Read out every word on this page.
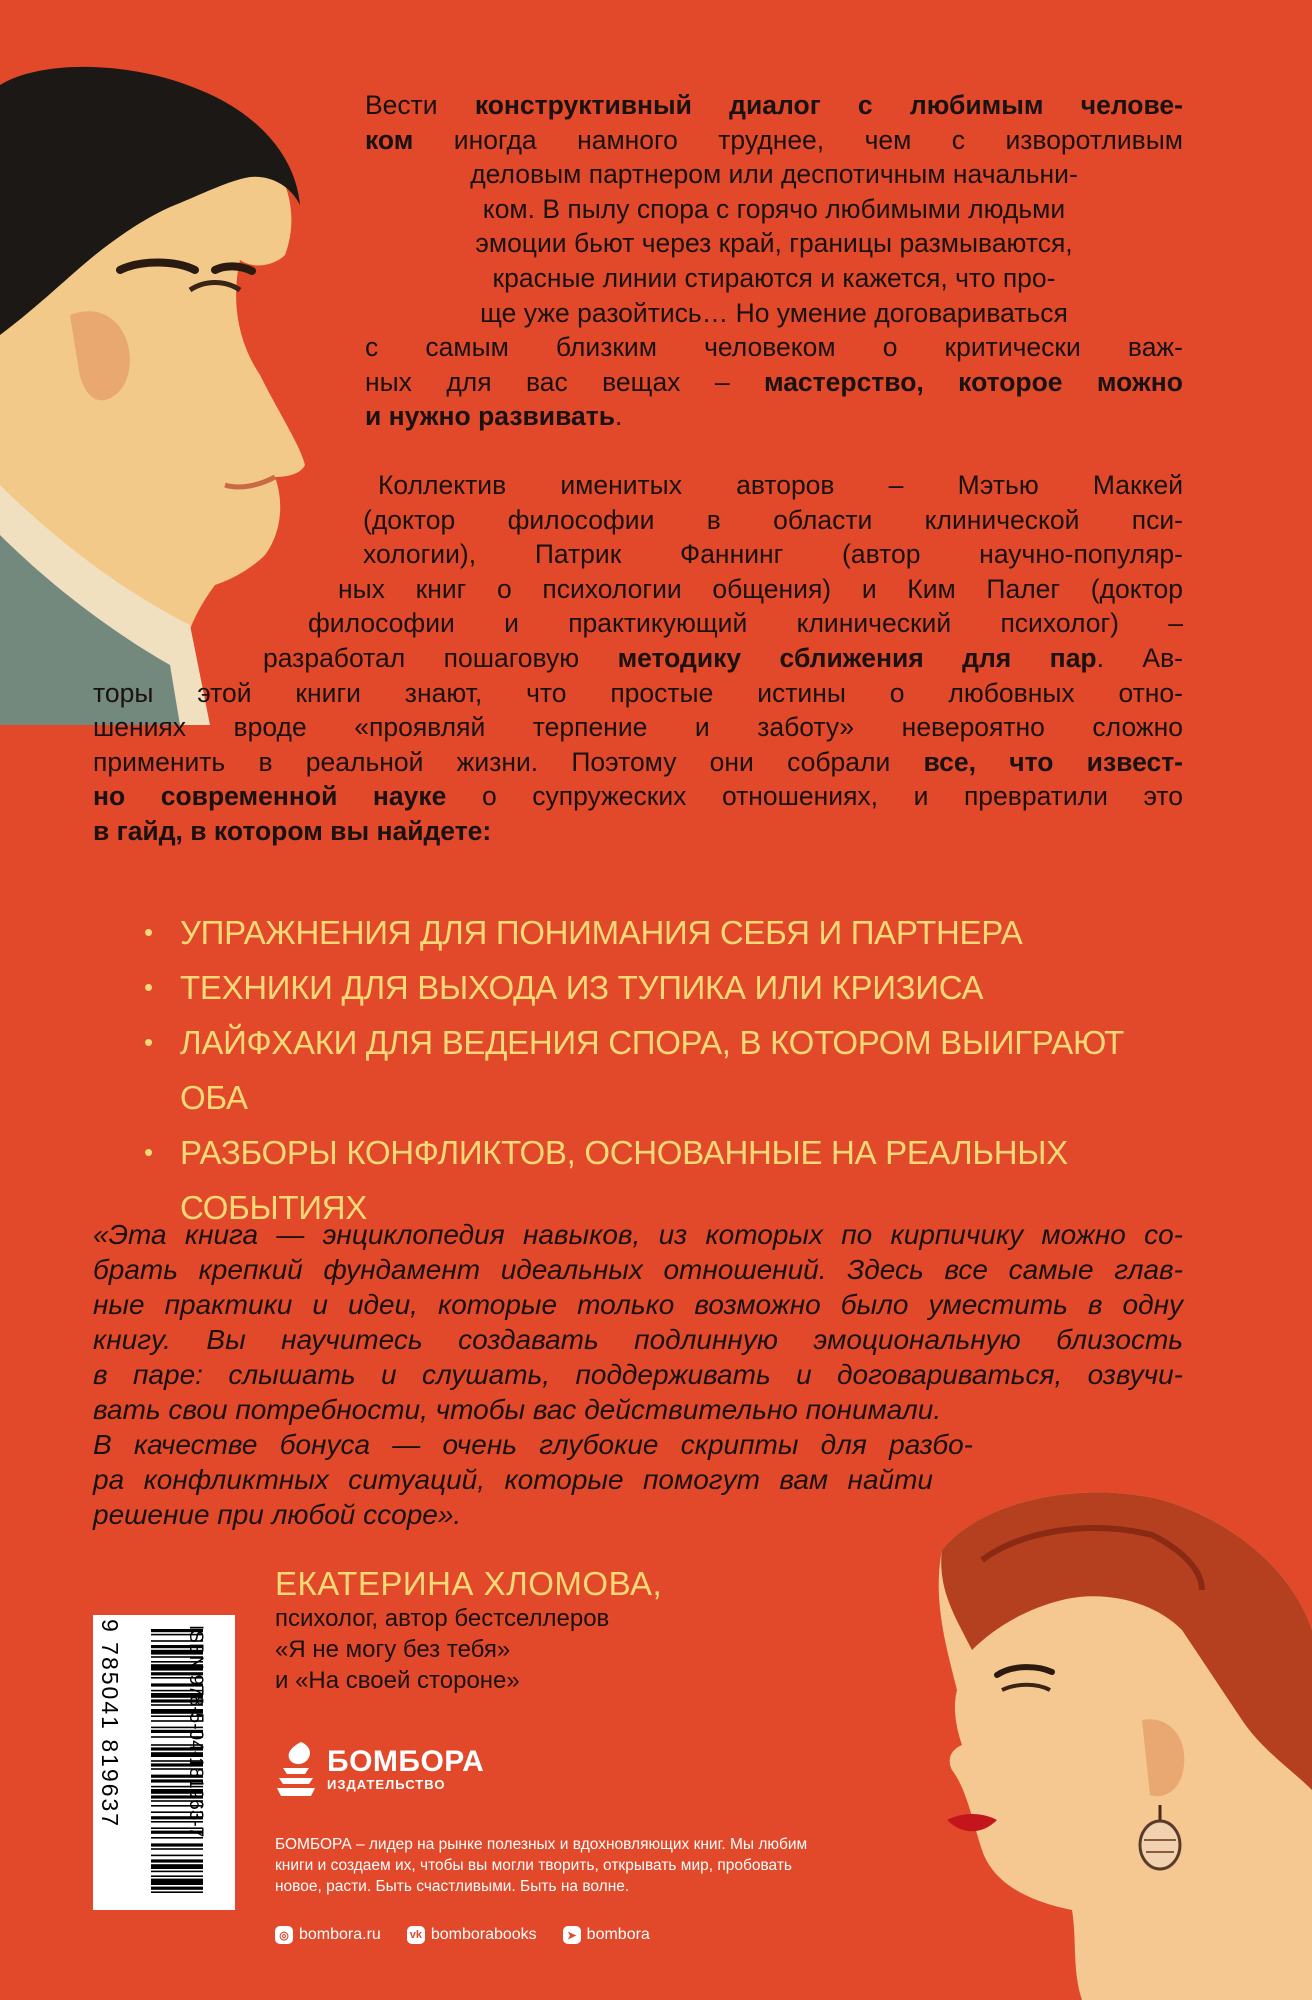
Вести конструктивный диалог с любимым челове-
ком иногда намного труднее, чем с изворотливым
деловым партнером или деспотичным начальни-
ком. В пылу спора с горячо любимыми людьми
эмоции бьют через край, границы размываются,
красные линии стираются и кажется, что про-
ще уже разойтись… Но умение договариваться
с самым близким человеком о критически важ-
ных для вас вещах – мастерство, которое можно
и нужно развивать.
Коллектив именитых авторов – Мэтью Маккей
(доктор философии в области клинической пси-
хологии), Патрик Фаннинг (автор научно-популяр-
ных книг о психологии общения) и Ким Палег (доктор
философии и практикующий клинический психолог) –
разработал пошаговую методику сближения для пар. Ав-
торы этой книги знают, что простые истины о любовных отно-
шениях вроде «проявляй терпение и заботу» невероятно сложно
применить в реальной жизни. Поэтому они собрали все, что извест-
но современной науке о супружеских отношениях, и превратили это
в гайд, в котором вы найдете:
• УПРАЖНЕНИЯ ДЛЯ ПОНИМАНИЯ СЕБЯ И ПАРТНЕРА
• ТЕХНИКИ ДЛЯ ВЫХОДА ИЗ ТУПИКА ИЛИ КРИЗИСА
• ЛАЙФХАКИ ДЛЯ ВЕДЕНИЯ СПОРА, В КОТОРОМ ВЫИГРАЮТ ОБА
• РАЗБОРЫ КОНФЛИКТОВ, ОСНОВАННЫЕ НА РЕАЛЬНЫХ СОБЫТИЯХ
«Эта книга — энциклопедия навыков, из которых по кирпичику можно со-
брать крепкий фундамент идеальных отношений. Здесь все самые глав-
ные практики и идеи, которые только возможно было уместить в одну
книгу. Вы научитесь создавать подлинную эмоциональную близость
в паре: слышать и слушать, поддерживать и договариваться, озвучи-
вать свои потребности, чтобы вас действительно понимали.
В качестве бонуса — очень глубокие скрипты для разбо-
ра конфликтных ситуаций, которые помогут вам найти
решение при любой ссоре».
ЕКАТЕРИНА ХЛОМОВА,
психолог, автор бестселлеров
«Я не могу без тебя»
и «На своей стороне»
ISBN 978-5-04-181963-7
9 785041 819637	БОМБОРА
ИЗДАТЕЛЬСТВО

БОМБОРА – лидер на рынке полезных и вдохновляющих книг. Мы любим книги и создаем их, чтобы вы могли творить, открывать мир, пробовать новое, расти. Быть счастливыми. Быть на волне.

◎ bombora.ru	vk bomborabooks	➤ bombora
